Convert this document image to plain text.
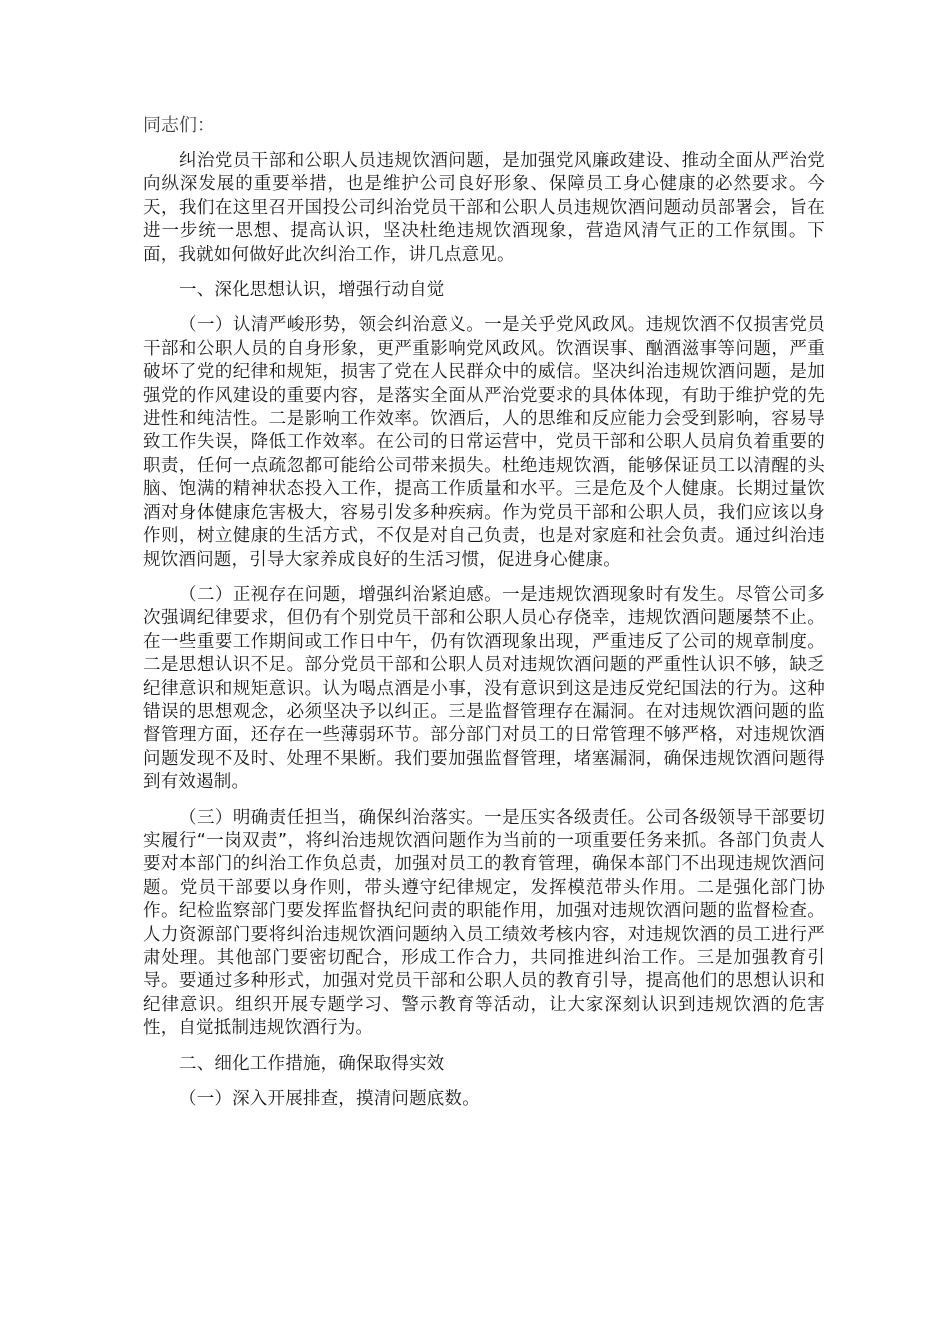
同志们：

纠治党员干部和公职人员违规饮酒问题，是加强党风廉政建设、推动全面从严治党向纵深发展的重要举措，也是维护公司良好形象、保障员工身心健康的必然要求。今天，我们在这里召开国投公司纠治党员干部和公职人员违规饮酒问题动员部署会，旨在进一步统一思想、提高认识，坚决杜绝违规饮酒现象，营造风清气正的工作氛围。下面，我就如何做好此次纠治工作，讲几点意见。

一、深化思想认识，增强行动自觉

（一）认清严峻形势，领会纠治意义。一是关乎党风政风。违规饮酒不仅损害党员干部和公职人员的自身形象，更严重影响党风政风。饮酒误事、酗酒滋事等问题，严重破坏了党的纪律和规矩，损害了党在人民群众中的威信。坚决纠治违规饮酒问题，是加强党的作风建设的重要内容，是落实全面从严治党要求的具体体现，有助于维护党的先进性和纯洁性。二是影响工作效率。饮酒后，人的思维和反应能力会受到影响，容易导致工作失误，降低工作效率。在公司的日常运营中，党员干部和公职人员肩负着重要的职责，任何一点疏忽都可能给公司带来损失。杜绝违规饮酒，能够保证员工以清醒的头脑、饱满的精神状态投入工作，提高工作质量和水平。三是危及个人健康。长期过量饮酒对身体健康危害极大，容易引发多种疾病。作为党员干部和公职人员，我们应该以身作则，树立健康的生活方式，不仅是对自己负责，也是对家庭和社会负责。通过纠治违规饮酒问题，引导大家养成良好的生活习惯，促进身心健康。

（二）正视存在问题，增强纠治紧迫感。一是违规饮酒现象时有发生。尽管公司多次强调纪律要求，但仍有个别党员干部和公职人员心存侥幸，违规饮酒问题屡禁不止。在一些重要工作期间或工作日中午，仍有饮酒现象出现，严重违反了公司的规章制度。二是思想认识不足。部分党员干部和公职人员对违规饮酒问题的严重性认识不够，缺乏纪律意识和规矩意识。认为喝点酒是小事，没有意识到这是违反党纪国法的行为。这种错误的思想观念，必须坚决予以纠正。三是监督管理存在漏洞。在对违规饮酒问题的监督管理方面，还存在一些薄弱环节。部分部门对员工的日常管理不够严格，对违规饮酒问题发现不及时、处理不果断。我们要加强监督管理，堵塞漏洞，确保违规饮酒问题得到有效遏制。

（三）明确责任担当，确保纠治落实。一是压实各级责任。公司各级领导干部要切实履行“一岗双责”，将纠治违规饮酒问题作为当前的一项重要任务来抓。各部门负责人要对本部门的纠治工作负总责，加强对员工的教育管理，确保本部门不出现违规饮酒问题。党员干部要以身作则，带头遵守纪律规定，发挥模范带头作用。二是强化部门协作。纪检监察部门要发挥监督执纪问责的职能作用，加强对违规饮酒问题的监督检查。人力资源部门要将纠治违规饮酒问题纳入员工绩效考核内容，对违规饮酒的员工进行严肃处理。其他部门要密切配合，形成工作合力，共同推进纠治工作。三是加强教育引导。要通过多种形式，加强对党员干部和公职人员的教育引导，提高他们的思想认识和纪律意识。组织开展专题学习、警示教育等活动，让大家深刻认识到违规饮酒的危害性，自觉抵制违规饮酒行为。

二、细化工作措施，确保取得实效

（一）深入开展排查，摸清问题底数。
